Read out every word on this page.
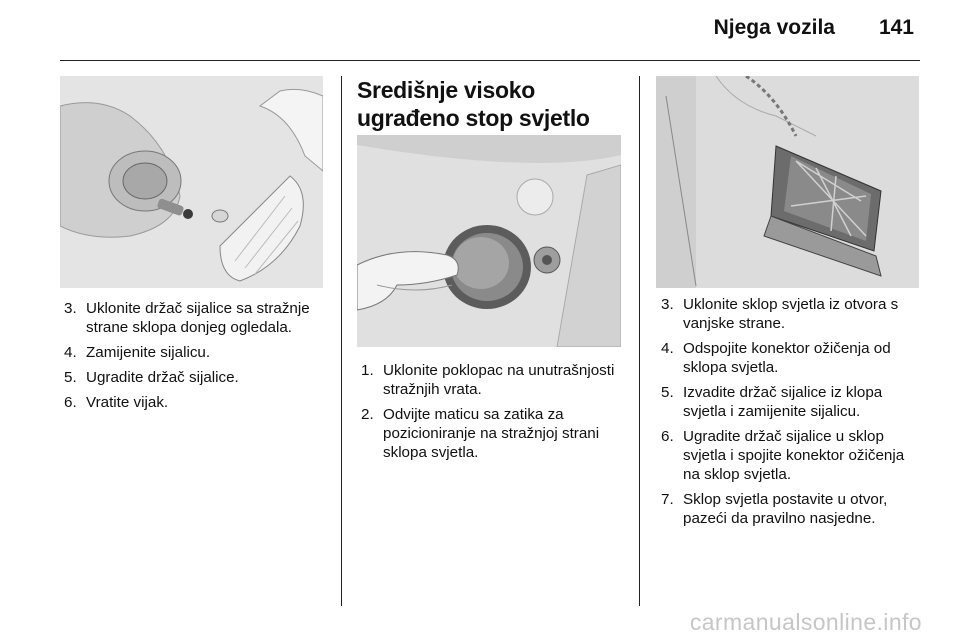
Njega vozila 141
3. Uklonite držač sijalice sa stražnje strane sklopa donjeg ogledala.
4. Zamijenite sijalicu.
5. Ugradite držač sijalice.
6. Vratite vijak.
Središnje visoko ugrađeno stop svjetlo
1. Uklonite poklopac na unutrašnjosti stražnjih vrata.
2. Odvijte maticu sa zatika za pozicioniranje na stražnjoj strani sklopa svjetla.
3. Uklonite sklop svjetla iz otvora s vanjske strane.
4. Odspojite konektor ožičenja od sklopa svjetla.
5. Izvadite držač sijalice iz klopa svjetla i zamijenite sijalicu.
6. Ugradite držač sijalice u sklop svjetla i spojite konektor ožičenja na sklop svjetla.
7. Sklop svjetla postavite u otvor, pazeći da pravilno nasjedne.
carmanualsonline.info
